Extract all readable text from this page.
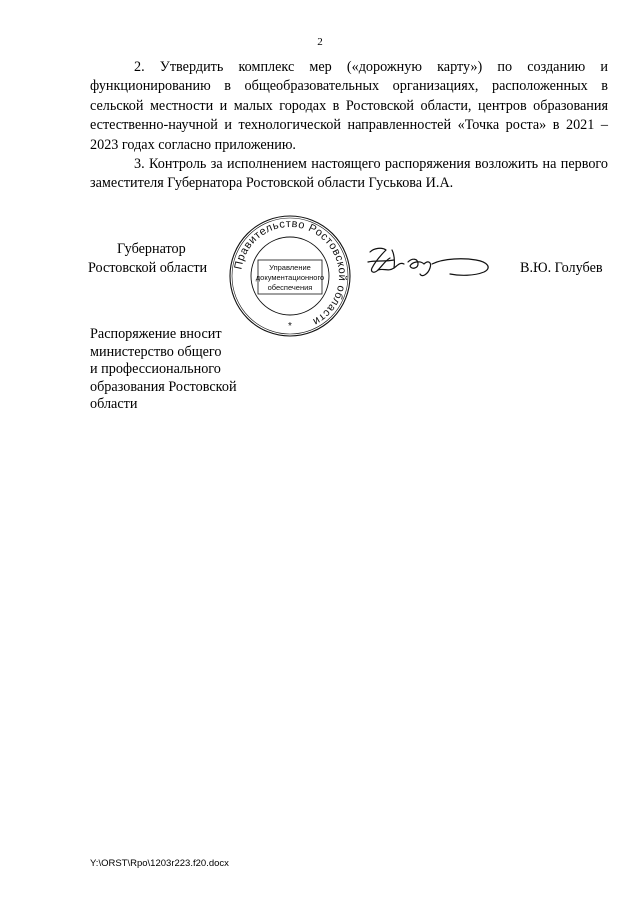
2

2. Утвердить комплекс мер («дорожную карту») по созданию и функционированию в общеобразовательных организациях, расположенных в сельской местности и малых городах в Ростовской области, центров образования естественно-научной и технологической направленностей «Точка роста» в 2021 – 2023 годах согласно приложению.

3. Контроль за исполнением настоящего распоряжения возложить на первого заместителя Губернатора Ростовской области Гуськова И.А.

Губернатор
Ростовской области	Правительство Ростовской области
Управление
документационного
обеспечения
*
В.Ю. Голубев
Распоряжение вносит
министерство общего
и профессионального
образования Ростовской
области
Y:\ORST\Rpo\1203r223.f20.docx
